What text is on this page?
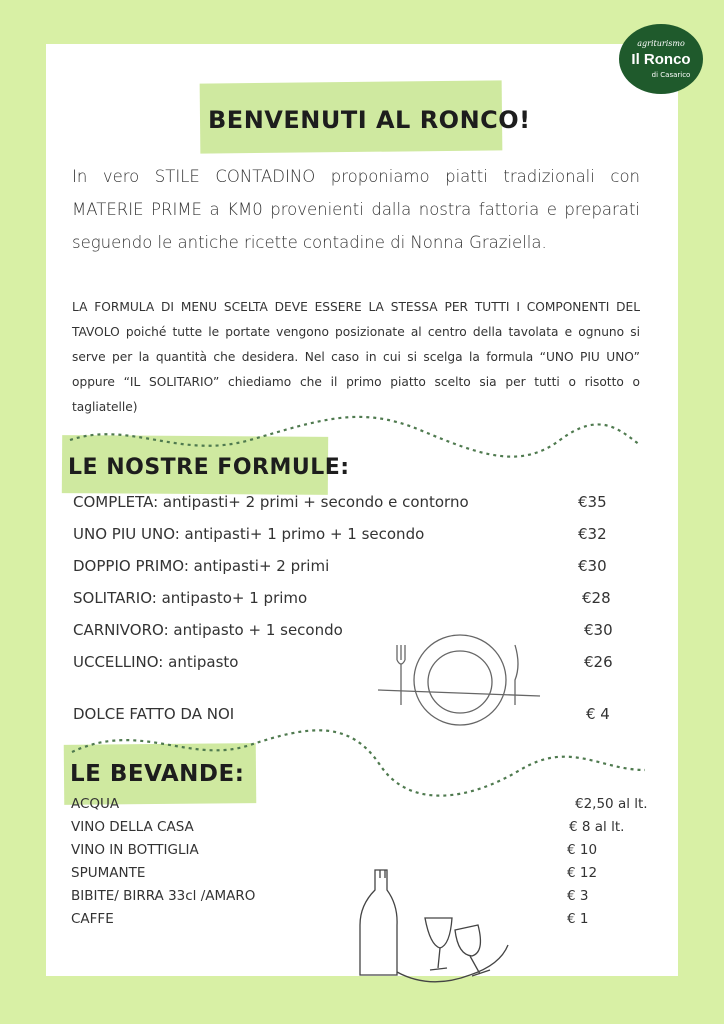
agriturismo
Il Ronco
di Casarico
BENVENUTI AL RONCO!
In vero STILE CONTADINO proponiamo piatti tradizionali con MATERIE PRIME a KM0 provenienti dalla nostra fattoria e preparati seguendo le antiche ricette contadine di Nonna Graziella.
LA FORMULA DI MENU SCELTA DEVE ESSERE LA STESSA PER TUTTI I COMPONENTI DEL TAVOLO poiché tutte le portate vengono posizionate al centro della tavolata e ognuno si serve per la quantità che desidera. Nel caso in cui si scelga la formula “UNO PIU UNO” oppure “IL SOLITARIO” chiediamo che il primo piatto scelto sia per tutti o risotto o tagliatelle)
LE NOSTRE FORMULE:
COMPLETA: antipasti+ 2 primi + secondo e contorno	€35
UNO PIU UNO: antipasti+ 1 primo + 1 secondo	€32
DOPPIO PRIMO: antipasti+ 2 primi	€30
SOLITARIO: antipasto+ 1 primo	€28
CARNIVORO: antipasto + 1 secondo	€30
UCCELLINO: antipasto	€26
DOLCE FATTO DA NOI	€ 4
LE BEVANDE:
ACQUA	€2,50 al lt.
VINO DELLA CASA	€ 8 al lt.
VINO IN BOTTIGLIA	€ 10
SPUMANTE	€ 12
BIBITE/ BIRRA 33cl /AMARO	€ 3
CAFFE	€ 1
